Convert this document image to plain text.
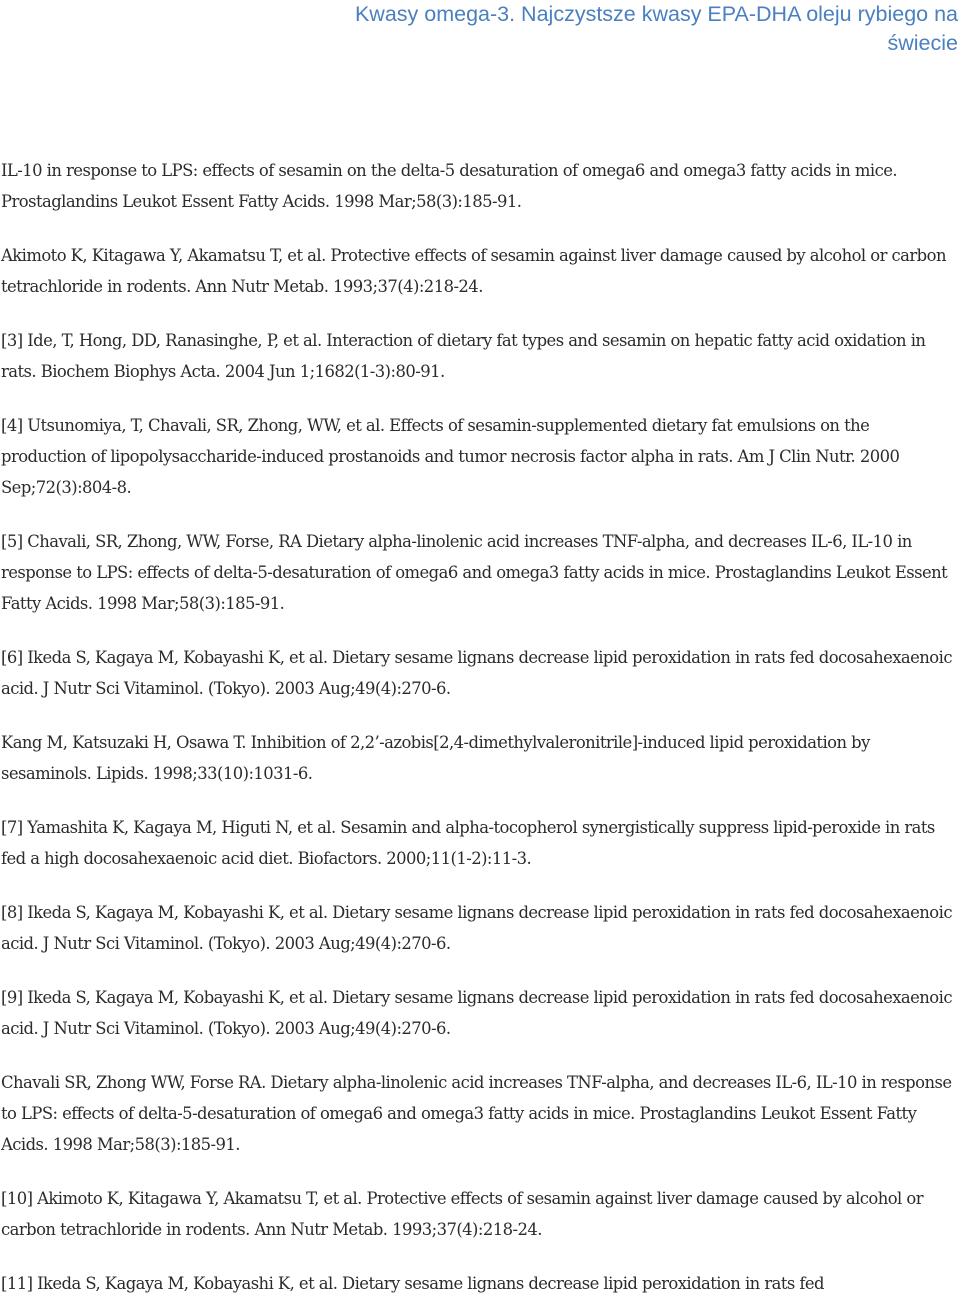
Kwasy omega-3. Najczystsze kwasy EPA-DHA oleju rybiego na
świecie

IL-10 in response to LPS: effects of sesamin on the delta-5 desaturation of omega6 and omega3 fatty acids in mice. Prostaglandins Leukot Essent Fatty Acids. 1998 Mar;58(3):185-91.

Akimoto K, Kitagawa Y, Akamatsu T, et al. Protective effects of sesamin against liver damage caused by alcohol or carbon tetrachloride in rodents. Ann Nutr Metab. 1993;37(4):218-24.

[3] Ide, T, Hong, DD, Ranasinghe, P, et al. Interaction of dietary fat types and sesamin on hepatic fatty acid oxidation in rats. Biochem Biophys Acta. 2004 Jun 1;1682(1-3):80-91.

[4] Utsunomiya, T, Chavali, SR, Zhong, WW, et al. Effects of sesamin-supplemented dietary fat emulsions on the production of lipopolysaccharide-induced prostanoids and tumor necrosis factor alpha in rats. Am J Clin Nutr. 2000 Sep;72(3):804-8.

[5] Chavali, SR, Zhong, WW, Forse, RA Dietary alpha-linolenic acid increases TNF-alpha, and decreases IL-6, IL-10 in response to LPS: effects of delta-5-desaturation of omega6 and omega3 fatty acids in mice. Prostaglandins Leukot Essent Fatty Acids. 1998 Mar;58(3):185-91.

[6] Ikeda S, Kagaya M, Kobayashi K, et al. Dietary sesame lignans decrease lipid peroxidation in rats fed docosahexaenoic acid. J Nutr Sci Vitaminol. (Tokyo). 2003 Aug;49(4):270-6.

Kang M, Katsuzaki H, Osawa T. Inhibition of 2,2’-azobis[2,4-dimethylvaleronitrile]-induced lipid peroxidation by sesaminols. Lipids. 1998;33(10):1031-6.

[7] Yamashita K, Kagaya M, Higuti N, et al. Sesamin and alpha-tocopherol synergistically suppress lipid-peroxide in rats fed a high docosahexaenoic acid diet. Biofactors. 2000;11(1-2):11-3.

[8] Ikeda S, Kagaya M, Kobayashi K, et al. Dietary sesame lignans decrease lipid peroxidation in rats fed docosahexaenoic acid. J Nutr Sci Vitaminol. (Tokyo). 2003 Aug;49(4):270-6.

[9] Ikeda S, Kagaya M, Kobayashi K, et al. Dietary sesame lignans decrease lipid peroxidation in rats fed docosahexaenoic acid. J Nutr Sci Vitaminol. (Tokyo). 2003 Aug;49(4):270-6.

Chavali SR, Zhong WW, Forse RA. Dietary alpha-linolenic acid increases TNF-alpha, and decreases IL-6, IL-10 in response to LPS: effects of delta-5-desaturation of omega6 and omega3 fatty acids in mice. Prostaglandins Leukot Essent Fatty Acids. 1998 Mar;58(3):185-91.

[10] Akimoto K, Kitagawa Y, Akamatsu T, et al. Protective effects of sesamin against liver damage caused by alcohol or carbon tetrachloride in rodents. Ann Nutr Metab. 1993;37(4):218-24.

[11] Ikeda S, Kagaya M, Kobayashi K, et al. Dietary sesame lignans decrease lipid peroxidation in rats fed
